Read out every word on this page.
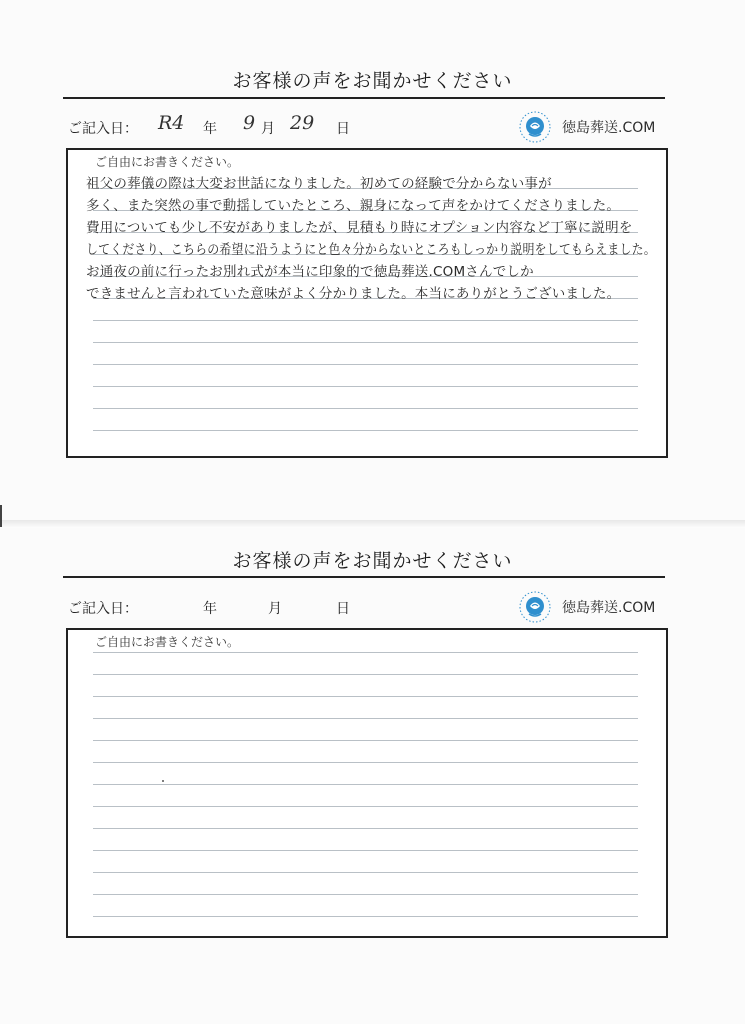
お客様の声をお聞かせください
ご記入日： R4 年 9 月 29 日	徳島葬送.COM
ご自由にお書きください。
祖父の葬儀の際は大変お世話になりました。初めての経験で分からない事が
多く、また突然の事で動揺していたところ、親身になって声をかけてくださりました。
費用についても少し不安がありましたが、見積もり時にオプション内容など丁寧に説明を
してくださり、こちらの希望に沿うようにと色々分からないところもしっかり説明をしてもらえました。
お通夜の前に行ったお別れ式が本当に印象的で徳島葬送.COMさんでしか
できませんと言われていた意味がよく分かりました。本当にありがとうございました。
お客様の声をお聞かせください
ご記入日：	年	月	日	徳島葬送.COM
ご自由にお書きください。
